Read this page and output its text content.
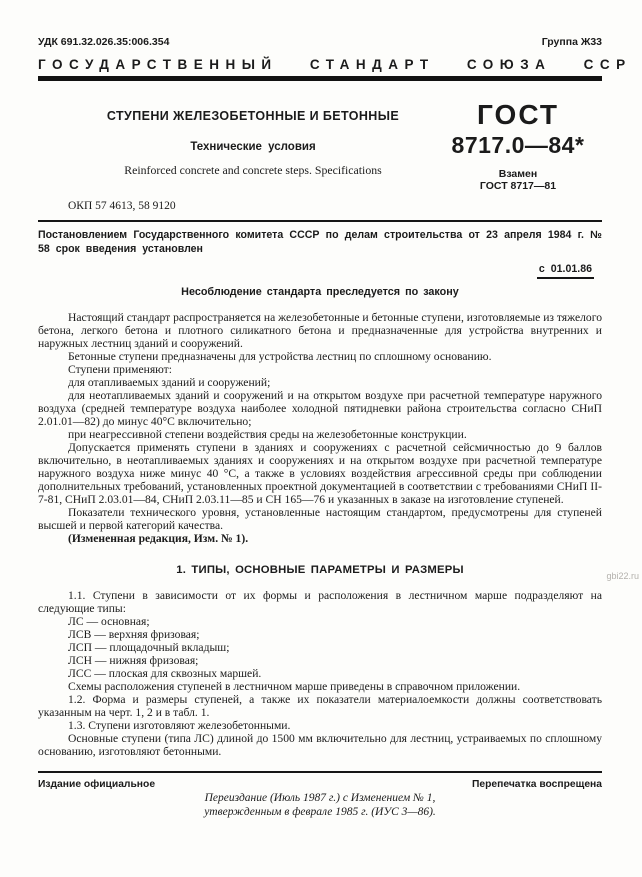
УДК 691.32.026.35:006.354	Группа Ж33
ГОСУДАРСТВЕННЫЙ СТАНДАРТ СОЮЗА ССР
СТУПЕНИ ЖЕЛЕЗОБЕТОННЫЕ И БЕТОННЫЕ
Технические условия
Reinforced concrete and concrete steps. Specifications
ГОСТ
8717.0—84*
Взамен
ГОСТ 8717—81
ОКП 57 4613, 58 9120
Постановлением Государственного комитета СССР по делам строительства от 23 апреля 1984 г. № 58 срок введения установлен
с 01.01.86
Несоблюдение стандарта преследуется по закону

Настоящий стандарт распространяется на железобетонные и бетонные ступени, изготовляемые из тяжелого бетона, легкого бетона и плотного силикатного бетона и предназначенные для устройства внутренних и наружных лестниц зданий и сооружений.

Бетонные ступени предназначены для устройства лестниц по сплошному основанию.

Ступени применяют:

для отапливаемых зданий и сооружений;

для неотапливаемых зданий и сооружений и на открытом воздухе при расчетной температуре наружного воздуха (средней температуре воздуха наиболее холодной пятидневки района строительства согласно СНиП 2.01.01—82) до минус 40°С включительно;

при неагрессивной степени воздействия среды на железобетонные конструкции.

Допускается применять ступени в зданиях и сооружениях с расчетной сейсмичностью до 9 баллов включительно, в неотапливаемых зданиях и сооружениях и на открытом воздухе при расчетной температуре наружного воздуха ниже минус 40 °С, а также в условиях воздействия агрессивной среды при соблюдении дополнительных требований, установленных проектной документацией в соответствии с требованиями СНиП II-7-81, СНиП 2.03.01—84, СНиП 2.03.11—85 и СН 165—76 и указанных в заказе на изготовление ступеней.

Показатели технического уровня, установленные настоящим стандартом, предусмотрены для ступеней высшей и первой категорий качества.

(Измененная редакция, Изм. № 1).

1. ТИПЫ, ОСНОВНЫЕ ПАРАМЕТРЫ И РАЗМЕРЫ

1.1. Ступени в зависимости от их формы и расположения в лестничном марше подразделяют на следующие типы:

ЛС — основная;

ЛСВ — верхняя фризовая;

ЛСП — площадочный вкладыш;

ЛСН — нижняя фризовая;

ЛСС — плоская для сквозных маршей.

Схемы расположения ступеней в лестничном марше приведены в справочном приложении.

1.2. Форма и размеры ступеней, а также их показатели материалоемкости должны соответствовать указанным на черт. 1, 2 и в табл. 1.

1.3. Ступени изготовляют железобетонными.

Основные ступени (типа ЛС) длиной до 1500 мм включительно для лестниц, устраиваемых по сплошному основанию, изготовляют бетонными.

Издание официальное	Перепечатка воспрещена
Переиздание (Июль 1987 г.) с Изменением № 1,
утвержденным в феврале 1985 г. (ИУС 3—86).
gbi22.ru
